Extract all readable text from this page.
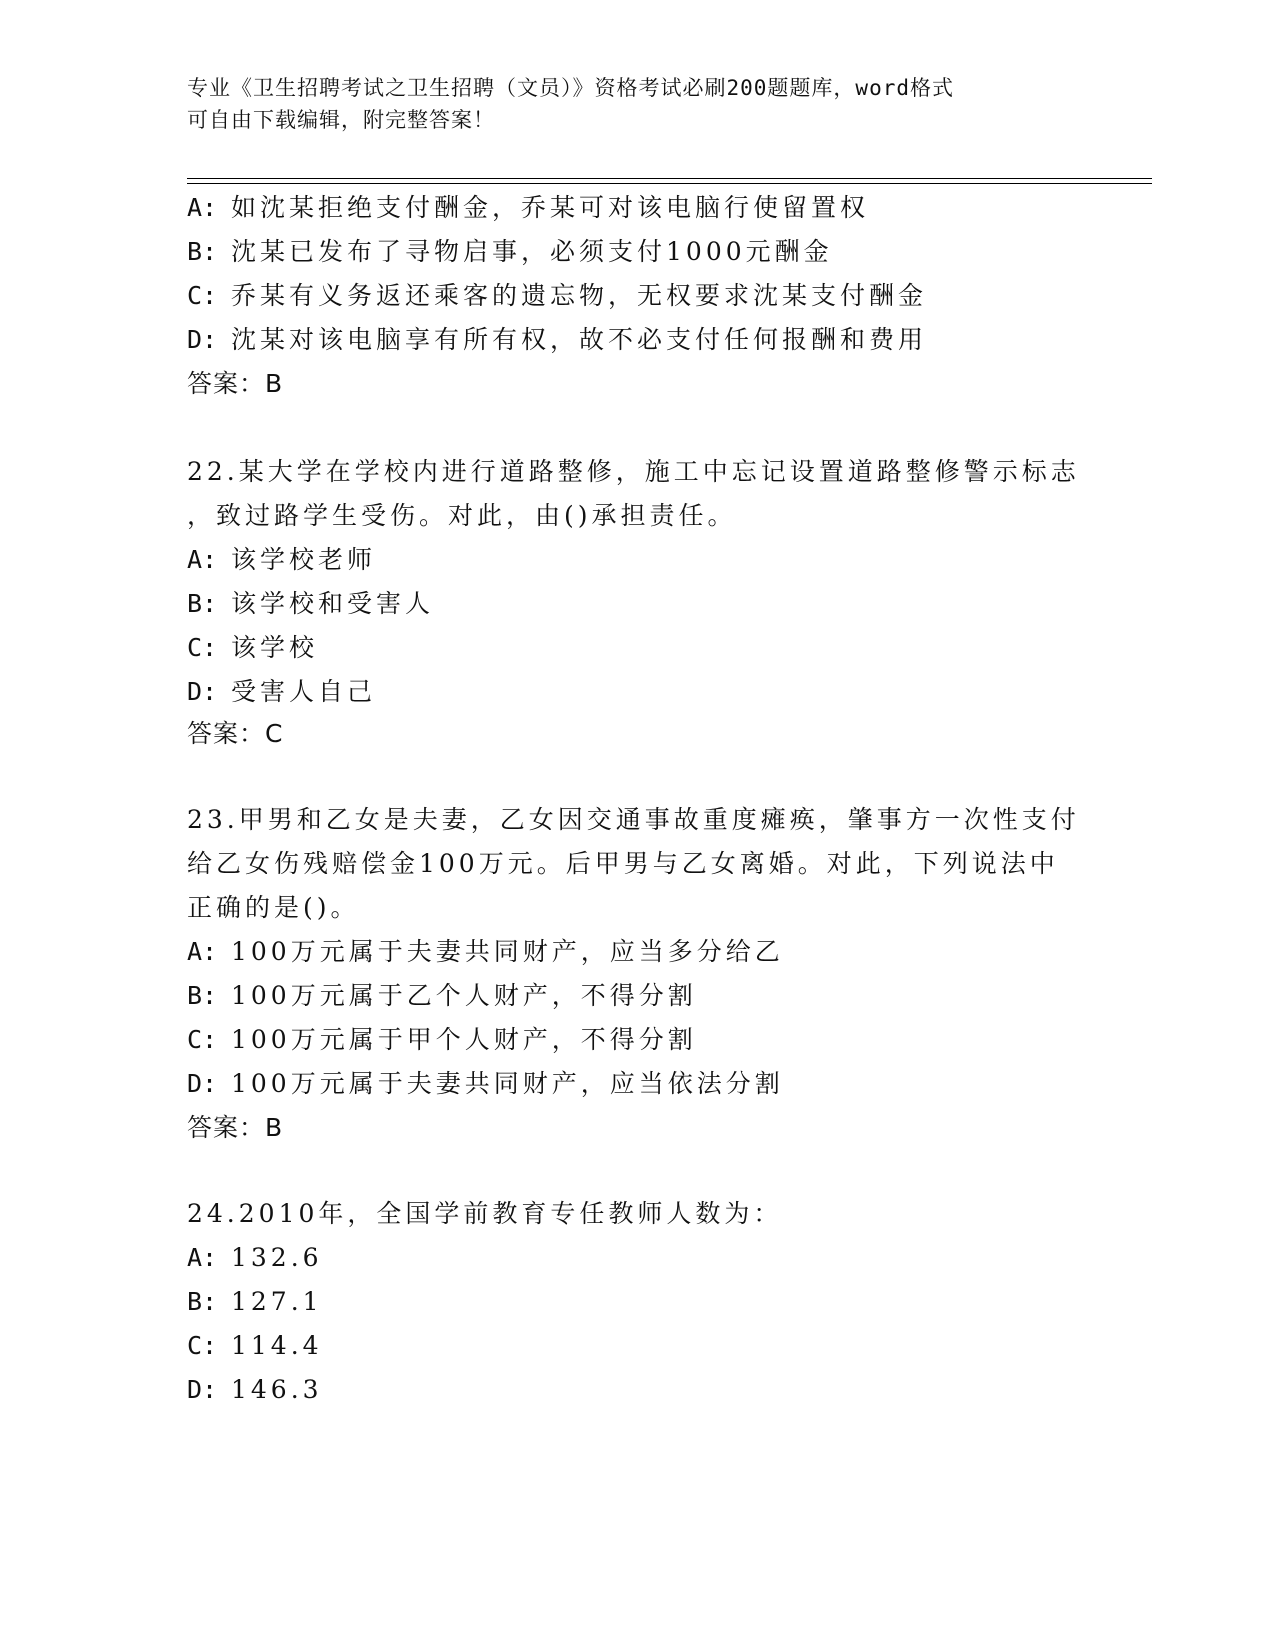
专业《卫生招聘考试之卫生招聘（文员）》资格考试必刷200题题库，word格式
可自由下载编辑，附完整答案！
A: 如沈某拒绝支付酬金，乔某可对该电脑行使留置权
B: 沈某已发布了寻物启事，必须支付1000元酬金
C: 乔某有义务返还乘客的遗忘物，无权要求沈某支付酬金
D: 沈某对该电脑享有所有权，故不必支付任何报酬和费用
答案：B
22.某大学在学校内进行道路整修，施工中忘记设置道路整修警示标志
，致过路学生受伤。对此，由()承担责任。
A: 该学校老师
B: 该学校和受害人
C: 该学校
D: 受害人自己
答案：C
23.甲男和乙女是夫妻，乙女因交通事故重度瘫痪，肇事方一次性支付
给乙女伤残赔偿金100万元。后甲男与乙女离婚。对此，下列说法中
正确的是()。
A: 100万元属于夫妻共同财产，应当多分给乙
B: 100万元属于乙个人财产，不得分割
C: 100万元属于甲个人财产，不得分割
D: 100万元属于夫妻共同财产，应当依法分割
答案：B
24.2010年，全国学前教育专任教师人数为：
A: 132.6
B: 127.1
C: 114.4
D: 146.3
